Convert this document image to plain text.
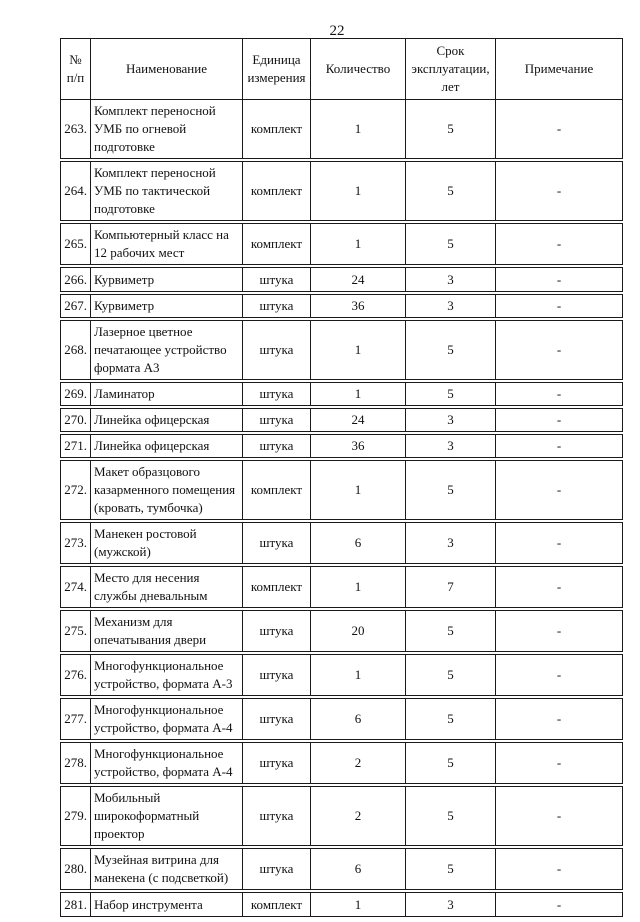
22
№ п/п	Наименование	Единица измерения	Количество	Срок эксплуатации, лет	Примечание
263.	Комплект переносной УМБ по огневой подготовке	комплект	1	5	-

264.	Комплект переносной УМБ по тактической подготовке	комплект	1	5	-

265.	Компьютерный класс на 12 рабочих мест	комплект	1	5	-

266.	Курвиметр	штука	24	3	-

267.	Курвиметр	штука	36	3	-

268.	Лазерное цветное печатающее устройство формата А3	штука	1	5	-

269.	Ламинатор	штука	1	5	-

270.	Линейка офицерская	штука	24	3	-

271.	Линейка офицерская	штука	36	3	-

272.	Макет образцового казарменного помещения (кровать, тумбочка)	комплект	1	5	-

273.	Манекен ростовой (мужской)	штука	6	3	-

274.	Место для несения службы дневальным	комплект	1	7	-

275.	Механизм для опечатывания двери	штука	20	5	-

276.	Многофункциональное устройство, формата А-3	штука	1	5	-

277.	Многофункциональное устройство, формата А-4	штука	6	5	-

278.	Многофункциональное устройство, формата А-4	штука	2	5	-

279.	Мобильный широкоформатный проектор	штука	2	5	-

280.	Музейная витрина для манекена (с подсветкой)	штука	6	5	-

281.	Набор инструмента	комплект	1	3	-
